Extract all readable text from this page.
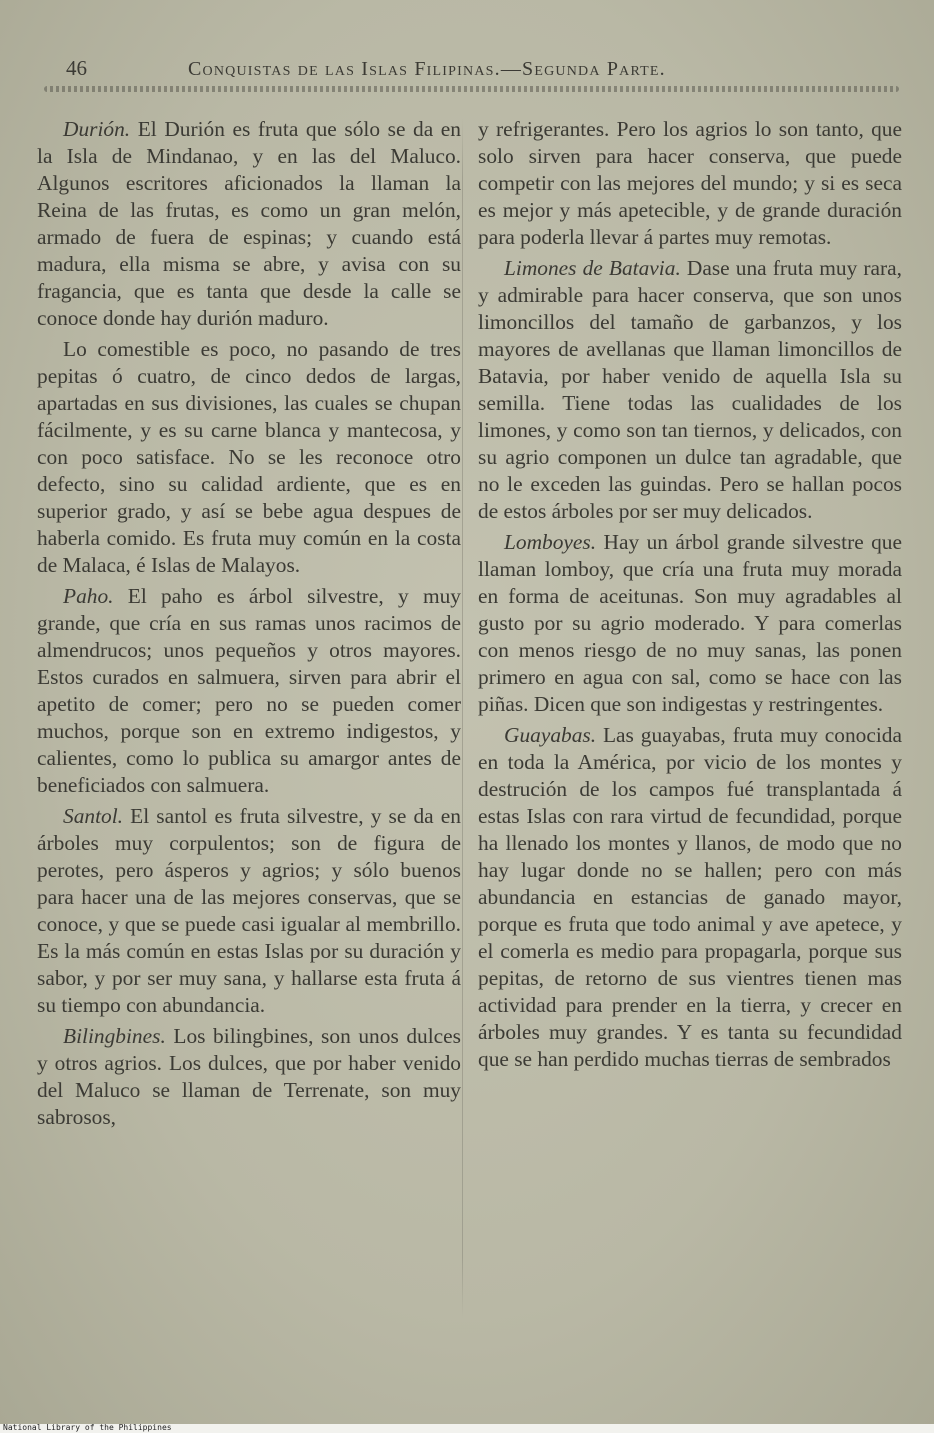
46	Conquistas de las Islas Filipinas.—Segunda Parte.

Durión. El Durión es fruta que sólo se da en la Isla de Mindanao, y en las del Maluco. Algunos escritores aficionados la llaman la Reina de las frutas, es como un gran melón, armado de fuera de espinas; y cuando está madura, ella misma se abre, y avisa con su fragancia, que es tanta que desde la calle se conoce donde hay durión maduro.

Lo comestible es poco, no pasando de tres pepitas ó cuatro, de cinco dedos de largas, apartadas en sus divisiones, las cuales se chupan fácilmente, y es su carne blanca y mantecosa, y con poco satisface. No se les reconoce otro defecto, sino su calidad ardiente, que es en superior grado, y así se bebe agua despues de haberla comido. Es fruta muy común en la costa de Malaca, é Islas de Malayos.

Paho. El paho es árbol silvestre, y muy grande, que cría en sus ramas unos racimos de almendrucos; unos pequeños y otros mayores. Estos curados en salmuera, sirven para abrir el apetito de comer; pero no se pueden comer muchos, porque son en extremo indigestos, y calientes, como lo publica su amargor antes de beneficiados con salmuera.

Santol. El santol es fruta silvestre, y se da en árboles muy corpulentos; son de figura de perotes, pero ásperos y agrios; y sólo buenos para hacer una de las mejores conservas, que se conoce, y que se puede casi igualar al membrillo. Es la más común en estas Islas por su duración y sabor, y por ser muy sana, y hallarse esta fruta á su tiempo con abundancia.

Bilingbines. Los bilingbines, son unos dulces y otros agrios. Los dulces, que por haber venido del Maluco se llaman de Terrenate, son muy sabrosos,

y refrigerantes. Pero los agrios lo son tanto, que solo sirven para hacer conserva, que puede competir con las mejores del mundo; y si es seca es mejor y más apetecible, y de grande duración para poderla llevar á partes muy remotas.

Limones de Batavia. Dase una fruta muy rara, y admirable para hacer conserva, que son unos limoncillos del tamaño de garbanzos, y los mayores de avellanas que llaman limoncillos de Batavia, por haber venido de aquella Isla su semilla. Tiene todas las cualidades de los limones, y como son tan tiernos, y delicados, con su agrio componen un dulce tan agradable, que no le exceden las guindas. Pero se hallan pocos de estos árboles por ser muy delicados.

Lomboyes. Hay un árbol grande silvestre que llaman lomboy, que cría una fruta muy morada en forma de aceitunas. Son muy agradables al gusto por su agrio moderado. Y para comerlas con menos riesgo de no muy sanas, las ponen primero en agua con sal, como se hace con las piñas. Dicen que son indigestas y restringentes.

Guayabas. Las guayabas, fruta muy conocida en toda la América, por vicio de los montes y destrución de los campos fué transplantada á estas Islas con rara virtud de fecundidad, porque ha llenado los montes y llanos, de modo que no hay lugar donde no se hallen; pero con más abundancia en estancias de ganado mayor, porque es fruta que todo animal y ave apetece, y el comerla es medio para propagarla, porque sus pepitas, de retorno de sus vientres tienen mas actividad para prender en la tierra, y crecer en árboles muy grandes. Y es tanta su fecundidad que se han perdido muchas tierras de sembrados

National Library of the Philippines
